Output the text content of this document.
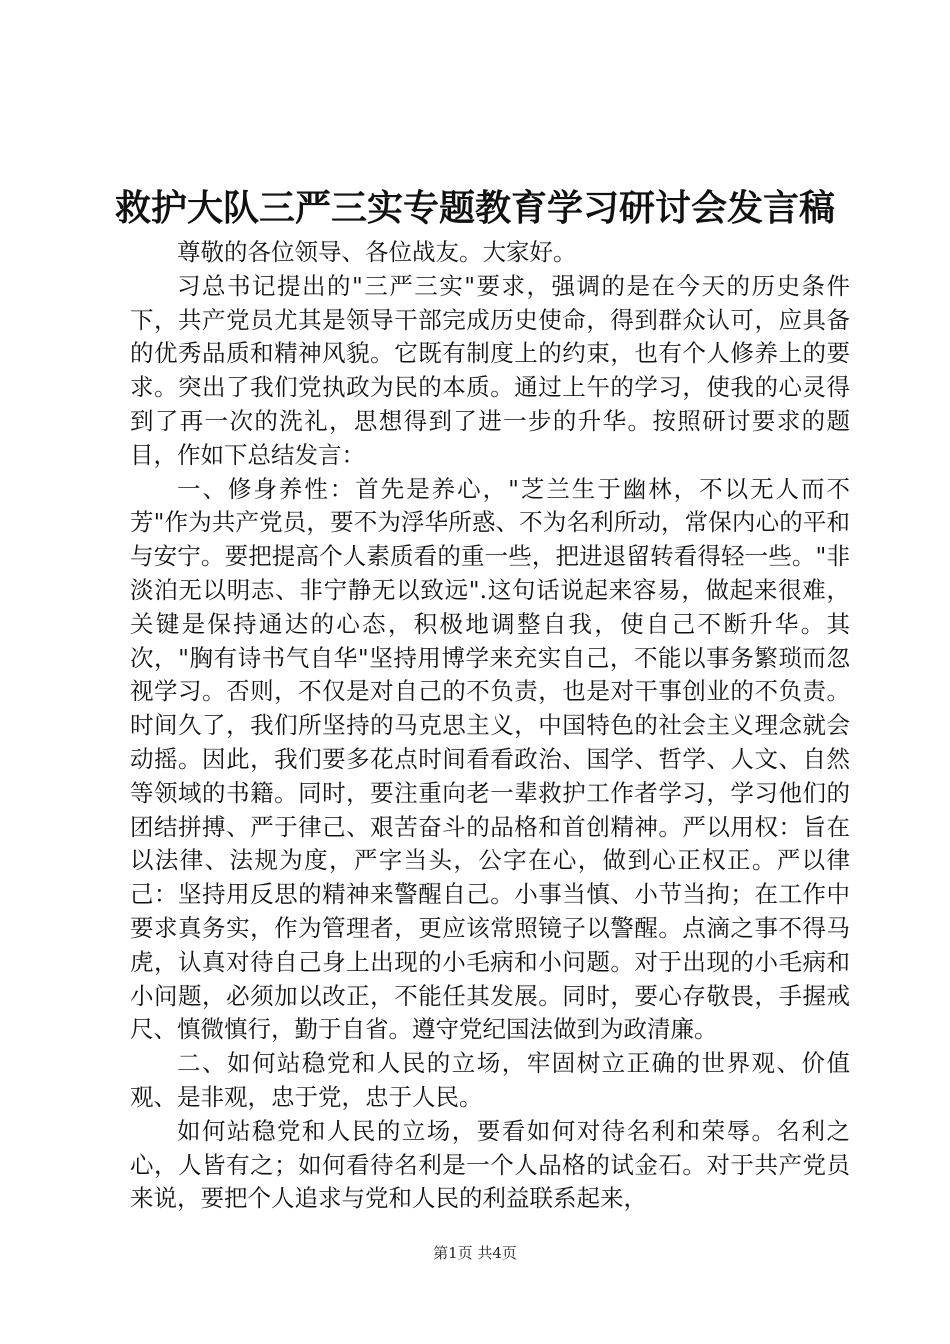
救护大队三严三实专题教育学习研讨会发言稿

尊敬的各位领导、各位战友。大家好。

习总书记提出的"三严三实"要求，强调的是在今天的历史条件下，共产党员尤其是领导干部完成历史使命，得到群众认可，应具备的优秀品质和精神风貌。它既有制度上的约束，也有个人修养上的要求。突出了我们党执政为民的本质。通过上午的学习，使我的心灵得到了再一次的洗礼，思想得到了进一步的升华。按照研讨要求的题目，作如下总结发言：

一、修身养性：首先是养心，"芝兰生于幽林，不以无人而不芳"作为共产党员，要不为浮华所惑、不为名利所动，常保内心的平和与安宁。要把提高个人素质看的重一些，把进退留转看得轻一些。"非淡泊无以明志、非宁静无以致远".这句话说起来容易，做起来很难，关键是保持通达的心态，积极地调整自我，使自己不断升华。其次，"胸有诗书气自华"坚持用博学来充实自己，不能以事务繁琐而忽视学习。否则，不仅是对自己的不负责，也是对干事创业的不负责。时间久了，我们所坚持的马克思主义，中国特色的社会主义理念就会动摇。因此，我们要多花点时间看看政治、国学、哲学、人文、自然等领域的书籍。同时，要注重向老一辈救护工作者学习，学习他们的团结拼搏、严于律己、艰苦奋斗的品格和首创精神。严以用权：旨在以法律、法规为度，严字当头，公字在心，做到心正权正。严以律己：坚持用反思的精神来警醒自己。小事当慎、小节当拘；在工作中要求真务实，作为管理者，更应该常照镜子以警醒。点滴之事不得马虎，认真对待自己身上出现的小毛病和小问题。对于出现的小毛病和小问题，必须加以改正，不能任其发展。同时，要心存敬畏，手握戒尺、慎微慎行，勤于自省。遵守党纪国法做到为政清廉。

二、如何站稳党和人民的立场，牢固树立正确的世界观、价值观、是非观，忠于党，忠于人民。

如何站稳党和人民的立场，要看如何对待名利和荣辱。名利之心，人皆有之；如何看待名利是一个人品格的试金石。对于共产党员来说，要把个人追求与党和人民的利益联系起来，

第1页 共4页
